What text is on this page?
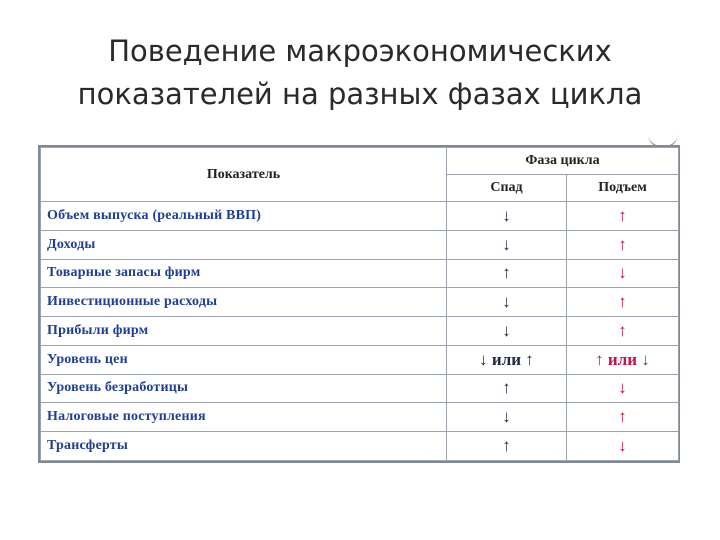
Поведение макроэкономических
показателей на разных фазах цикла
Показатель	Фаза цикла	
	Спад	Подъем
Объем выпуска (реальный ВВП)	↓	↑
Доходы	↓	↑
Товарные запасы фирм	↑	↓
Инвестиционные расходы	↓	↑
Прибыли фирм	↓	↑
Уровень цен	↓ или ↑	↑ или ↓
Уровень безработицы	↑	↓
Налоговые поступления	↓	↑
Трансферты	↑	↓
